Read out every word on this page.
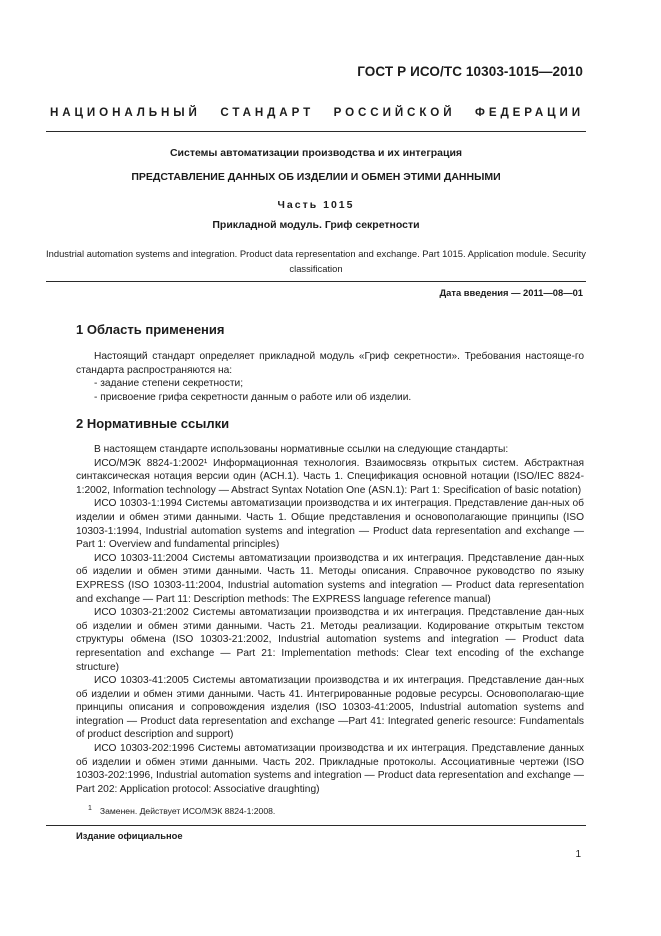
ГОСТ Р ИСО/ТС 10303-1015—2010
НАЦИОНАЛЬНЫЙ СТАНДАРТ РОССИЙСКОЙ ФЕДЕРАЦИИ
Системы автоматизации производства и их интеграция
ПРЕДСТАВЛЕНИЕ ДАННЫХ ОБ ИЗДЕЛИИ И ОБМЕН ЭТИМИ ДАННЫМИ
Часть 1015
Прикладной модуль. Гриф секретности
Industrial automation systems and integration. Product data representation and exchange. Part 1015. Application module. Security classification
Дата введения — 2011—08—01
1 Область применения

Настоящий стандарт определяет прикладной модуль «Гриф секретности». Требования настояще-го стандарта распространяются на:

- задание степени секретности;

- присвоение грифа секретности данным о работе или об изделии.

2 Нормативные ссылки

В настоящем стандарте использованы нормативные ссылки на следующие стандарты:

ИСО/МЭК 8824-1:2002¹ Информационная технология. Взаимосвязь открытых систем. Абстрактная синтаксическая нотация версии один (АСН.1). Часть 1. Спецификация основной нотации (ISO/IEC 8824-1:2002, Information technology — Abstract Syntax Notation One (ASN.1): Part 1: Specification of basic notation)

ИСО 10303-1:1994 Системы автоматизации производства и их интеграция. Представление дан-ных об изделии и обмен этими данными. Часть 1. Общие представления и основополагающие принципы (ISO 10303-1:1994, Industrial automation systems and integration — Product data representation and exchange — Part 1: Overview and fundamental principles)

ИСО 10303-11:2004 Системы автоматизации производства и их интеграция. Представление дан-ных об изделии и обмен этими данными. Часть 11. Методы описания. Справочное руководство по языку EXPRESS (ISO 10303-11:2004, Industrial automation systems and integration — Product data representation and exchange — Part 11: Description methods: The EXPRESS language reference manual)

ИСО 10303-21:2002 Системы автоматизации производства и их интеграция. Представление дан-ных об изделии и обмен этими данными. Часть 21. Методы реализации. Кодирование открытым текстом структуры обмена (ISO 10303-21:2002, Industrial automation systems and integration — Product data representation and exchange — Part 21: Implementation methods: Clear text encoding of the exchange structure)

ИСО 10303-41:2005 Системы автоматизации производства и их интеграция. Представление дан-ных об изделии и обмен этими данными. Часть 41. Интегрированные родовые ресурсы. Основополагаю-щие принципы описания и сопровождения изделия (ISO 10303-41:2005, Industrial automation systems and integration — Product data representation and exchange —Part 41: Integrated generic resource: Fundamentals of product description and support)

ИСО 10303-202:1996 Системы автоматизации производства и их интеграция. Представление данных об изделии и обмен этими данными. Часть 202. Прикладные протоколы. Ассоциативные чертежи (ISO 10303-202:1996, Industrial automation systems and integration — Product data representation and exchange — Part 202: Application protocol: Associative draughting)

$^1$ Заменен. Действует ИСО/МЭК 8824-1:2008.
Издание официальное
1
